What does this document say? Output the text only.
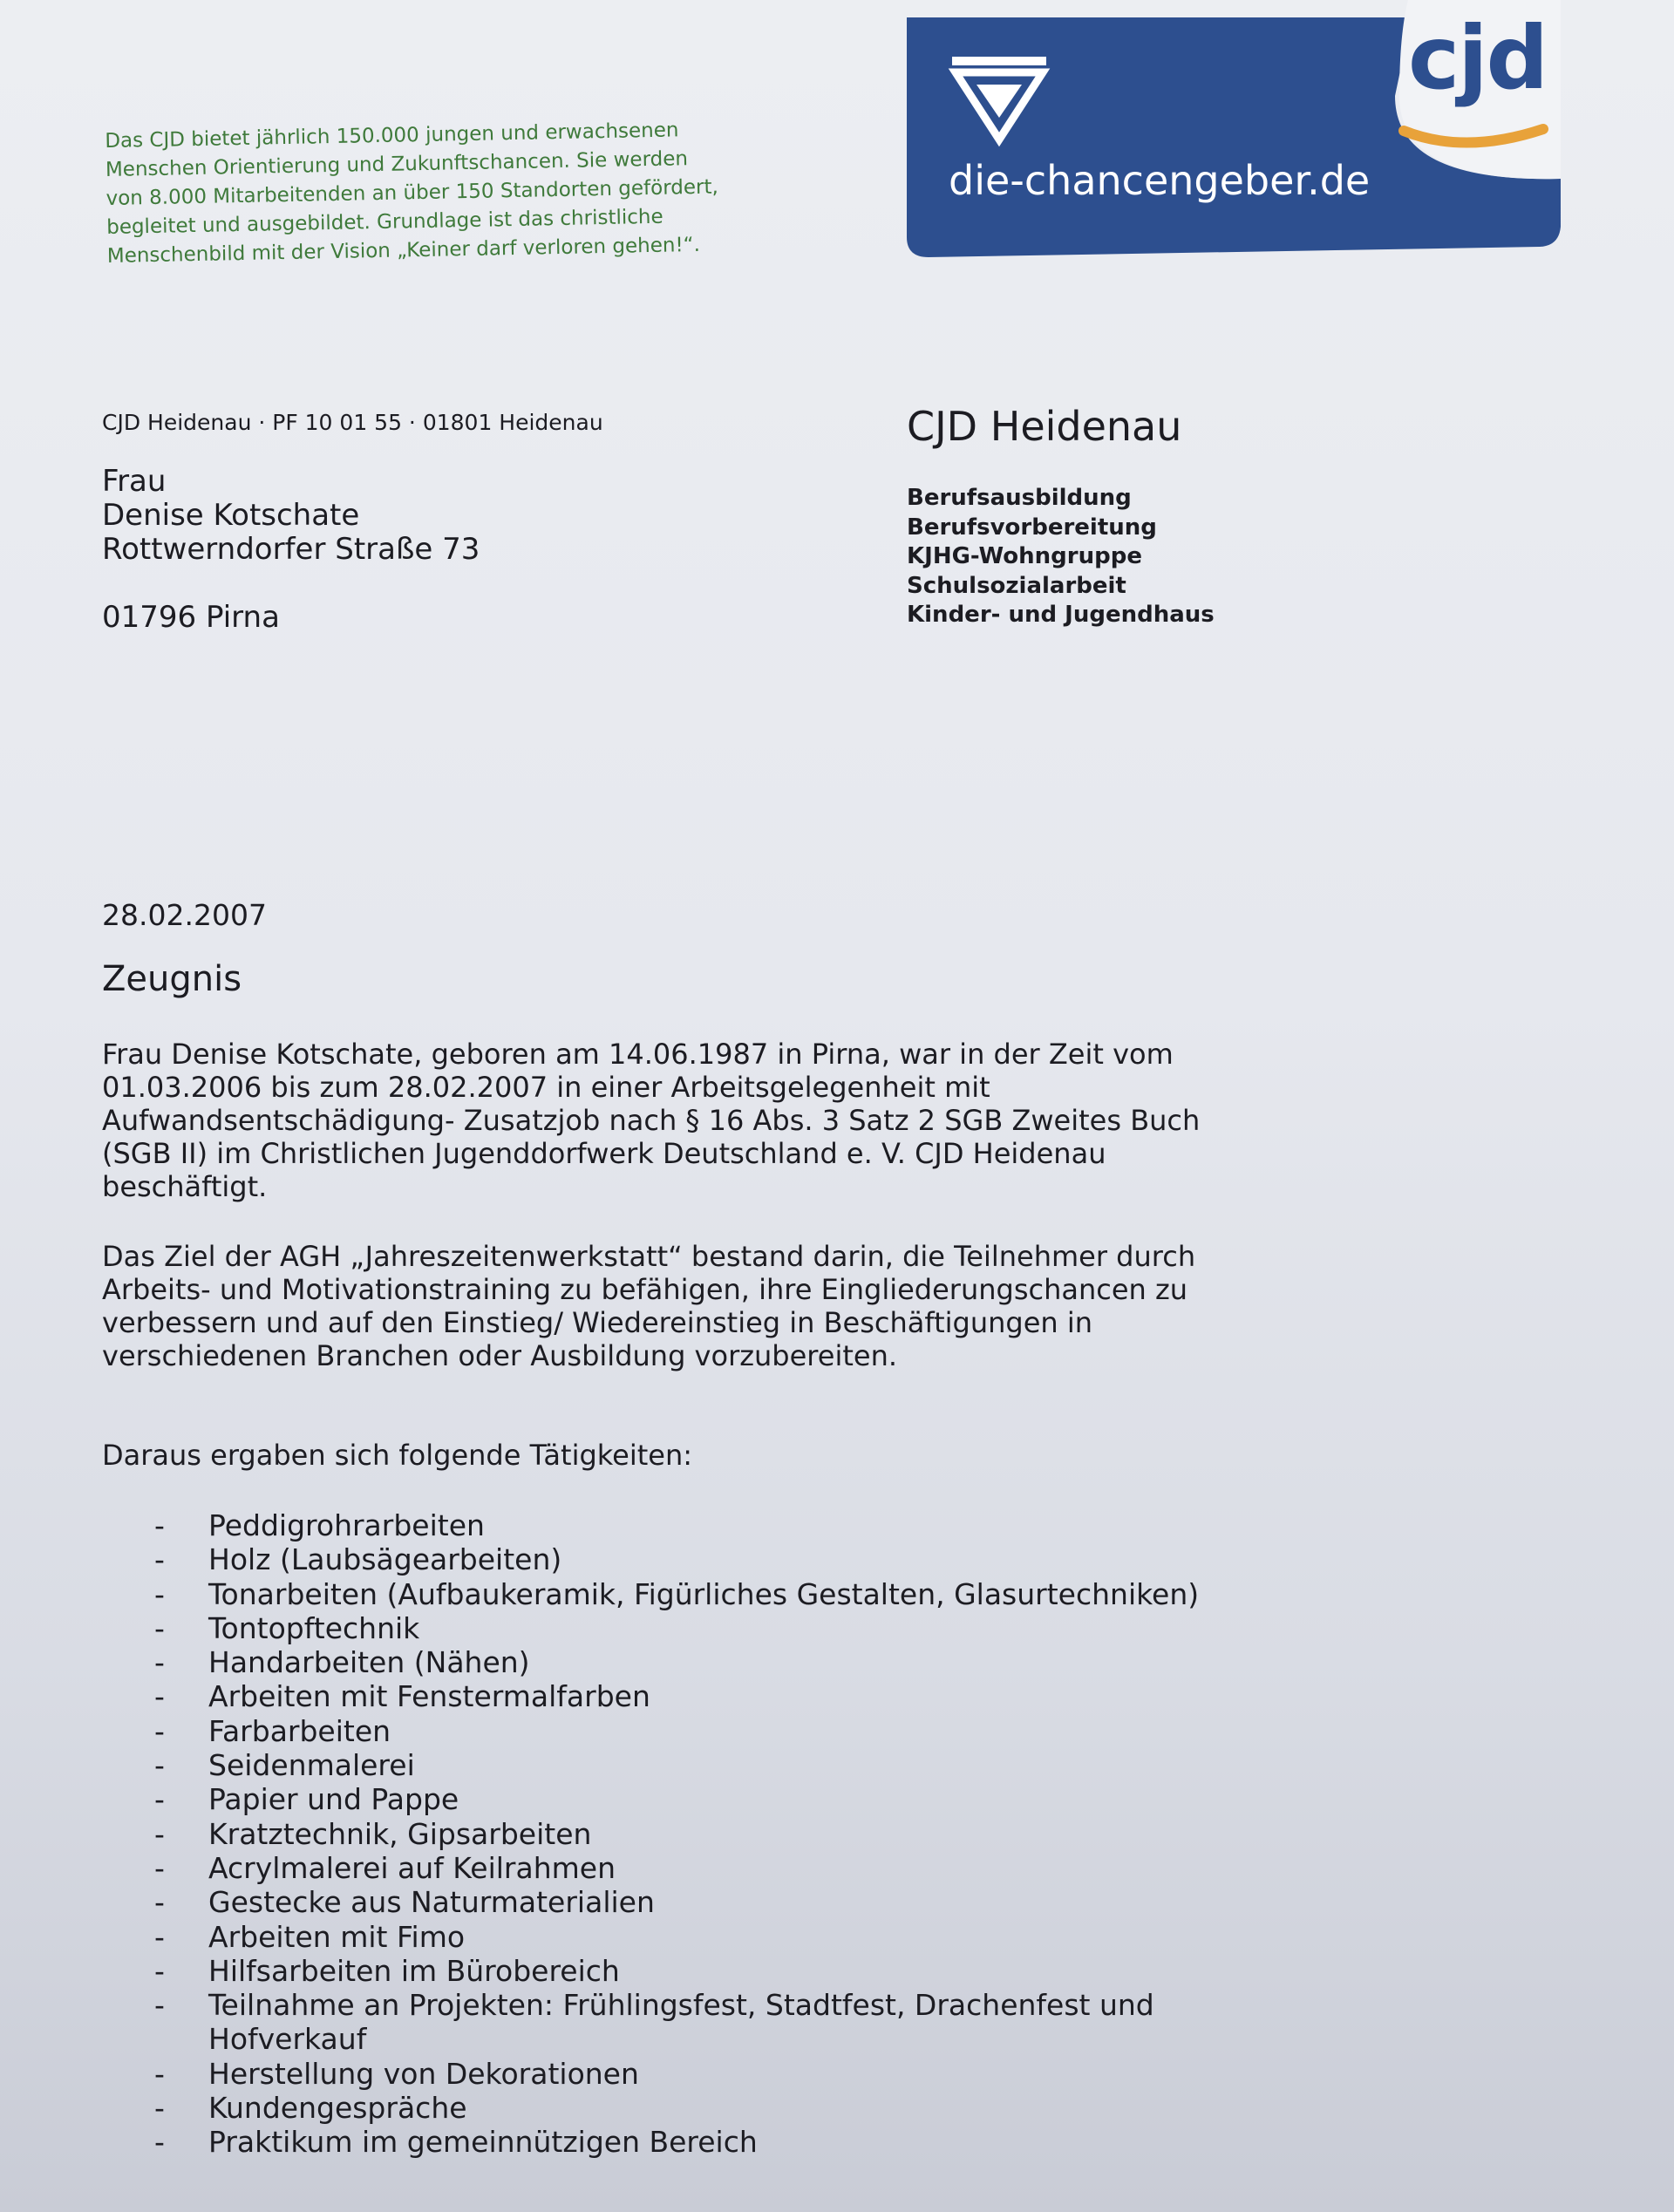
Das CJD bietet jährlich 150.000 jungen und erwachsenen
Menschen Orientierung und Zukunftschancen. Sie werden
von 8.000 Mitarbeitenden an über 150 Standorten gefördert,
begleitet und ausgebildet. Grundlage ist das christliche
Menschenbild mit der Vision „Keiner darf verloren gehen!“.
die-chancengeber.de
cjd
CJD Heidenau · PF 10 01 55 · 01801 Heidenau
Frau
Denise Kotschate
Rottwerndorfer Straße 73
01796 Pirna
CJD Heidenau
Berufsausbildung
Berufsvorbereitung
KJHG-Wohngruppe
Schulsozialarbeit
Kinder- und Jugendhaus
28.02.2007
Zeugnis
Frau Denise Kotschate, geboren am 14.06.1987 in Pirna, war in der Zeit vom
01.03.2006 bis zum 28.02.2007 in einer Arbeitsgelegenheit mit
Aufwandsentschädigung- Zusatzjob nach § 16 Abs. 3 Satz 2 SGB Zweites Buch
(SGB II) im Christlichen Jugenddorfwerk Deutschland e. V. CJD Heidenau
beschäftigt.
Das Ziel der AGH „Jahreszeitenwerkstatt“ bestand darin, die Teilnehmer durch
Arbeits- und Motivationstraining zu befähigen, ihre Eingliederungschancen zu
verbessern und auf den Einstieg/ Wiedereinstieg in Beschäftigungen in
verschiedenen Branchen oder Ausbildung vorzubereiten.
Daraus ergaben sich folgende Tätigkeiten:
-	Peddigrohrarbeiten
-	Holz (Laubsägearbeiten)
-	Tonarbeiten (Aufbaukeramik, Figürliches Gestalten, Glasurtechniken)
-	Tontopftechnik
-	Handarbeiten (Nähen)
-	Arbeiten mit Fenstermalfarben
-	Farbarbeiten
-	Seidenmalerei
-	Papier und Pappe
-	Kratztechnik, Gipsarbeiten
-	Acrylmalerei auf Keilrahmen
-	Gestecke aus Naturmaterialien
-	Arbeiten mit Fimo
-	Hilfsarbeiten im Bürobereich
-	Teilnahme an Projekten: Frühlingsfest, Stadtfest, Drachenfest und
Hofverkauf
-	Herstellung von Dekorationen
-	Kundengespräche
-	Praktikum im gemeinnützigen Bereich
